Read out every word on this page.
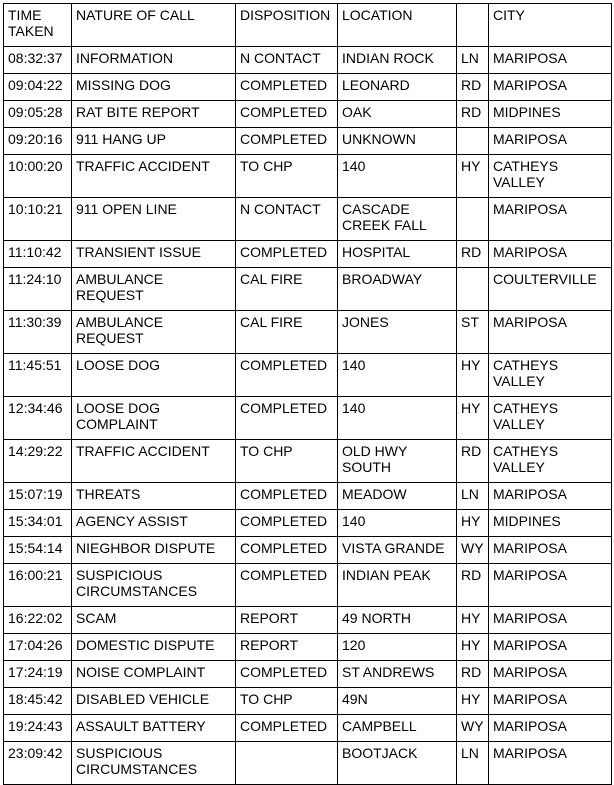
TIME TAKEN	NATURE OF CALL	DISPOSITION	LOCATION		CITY
08:32:37	INFORMATION	N CONTACT	INDIAN ROCK	LN	MARIPOSA
09:04:22	MISSING DOG	COMPLETED	LEONARD	RD	MARIPOSA
09:05:28	RAT BITE REPORT	COMPLETED	OAK	RD	MIDPINES
09:20:16	911 HANG UP	COMPLETED	UNKNOWN		MARIPOSA
10:00:20	TRAFFIC ACCIDENT	TO CHP	140	HY	CATHEYS VALLEY
10:10:21	911 OPEN LINE	N CONTACT	CASCADE CREEK FALL		MARIPOSA
11:10:42	TRANSIENT ISSUE	COMPLETED	HOSPITAL	RD	MARIPOSA
11:24:10	AMBULANCE REQUEST	CAL FIRE	BROADWAY		COULTERVILLE
11:30:39	AMBULANCE REQUEST	CAL FIRE	JONES	ST	MARIPOSA
11:45:51	LOOSE DOG	COMPLETED	140	HY	CATHEYS VALLEY
12:34:46	LOOSE DOG COMPLAINT	COMPLETED	140	HY	CATHEYS VALLEY
14:29:22	TRAFFIC ACCIDENT	TO CHP	OLD HWY SOUTH	RD	CATHEYS VALLEY
15:07:19	THREATS	COMPLETED	MEADOW	LN	MARIPOSA
15:34:01	AGENCY ASSIST	COMPLETED	140	HY	MIDPINES
15:54:14	NIEGHBOR DISPUTE	COMPLETED	VISTA GRANDE	WY	MARIPOSA
16:00:21	SUSPICIOUS CIRCUMSTANCES	COMPLETED	INDIAN PEAK	RD	MARIPOSA
16:22:02	SCAM	REPORT	49 NORTH	HY	MARIPOSA
17:04:26	DOMESTIC DISPUTE	REPORT	120	HY	MARIPOSA
17:24:19	NOISE COMPLAINT	COMPLETED	ST ANDREWS	RD	MARIPOSA
18:45:42	DISABLED VEHICLE	TO CHP	49N	HY	MARIPOSA
19:24:43	ASSAULT BATTERY	COMPLETED	CAMPBELL	WY	MARIPOSA
23:09:42	SUSPICIOUS CIRCUMSTANCES		BOOTJACK	LN	MARIPOSA
